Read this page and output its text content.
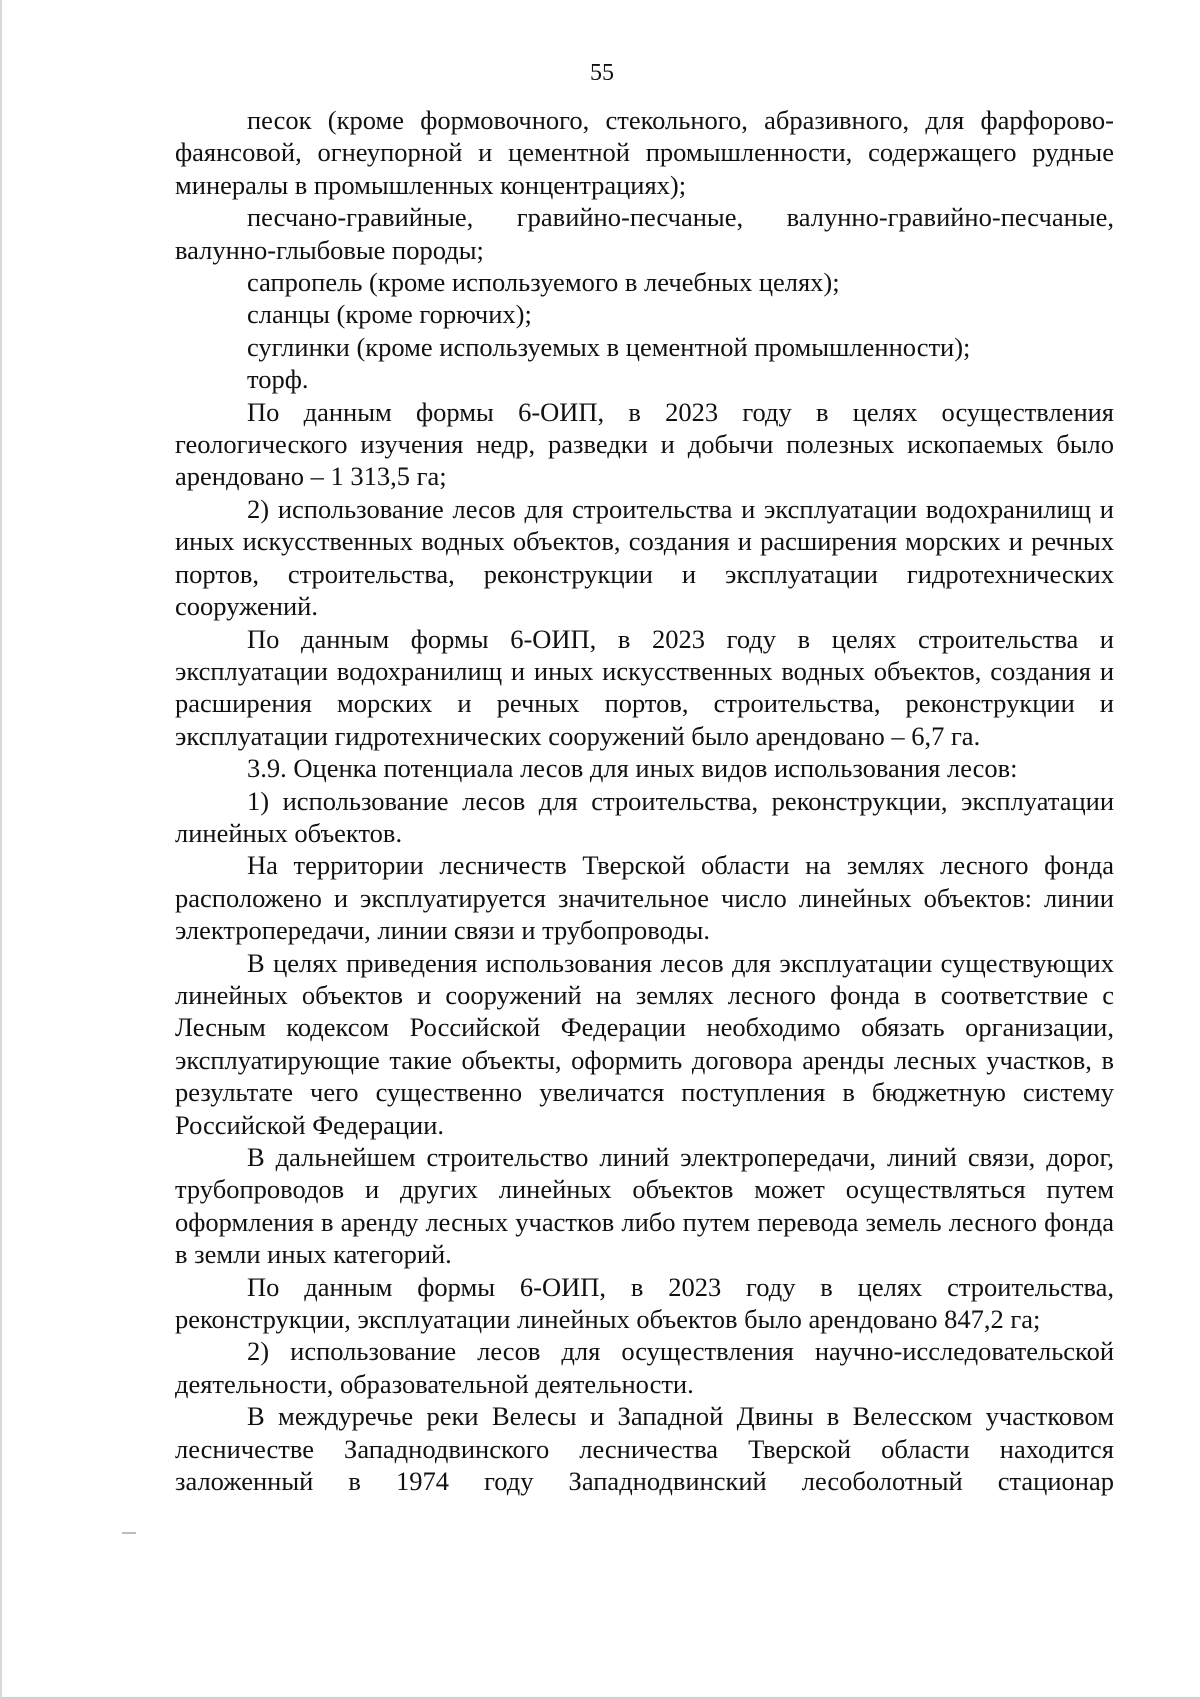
55

песок (кроме формовочного, стекольного, абразивного, для фарфорово-фаянсовой, огнеупорной и цементной промышленности, содержащего рудные минералы в промышленных концентрациях);

песчано-гравийные, гравийно-песчаные, валунно-гравийно-песчаные, валунно-глыбовые породы;

сапропель (кроме используемого в лечебных целях);

сланцы (кроме горючих);

суглинки (кроме используемых в цементной промышленности);

торф.

По данным формы 6-ОИП, в 2023 году в целях осуществления геологического изучения недр, разведки и добычи полезных ископаемых было арендовано – 1 313,5 га;

2) использование лесов для строительства и эксплуатации водохранилищ и иных искусственных водных объектов, создания и расширения морских и речных портов, строительства, реконструкции и эксплуатации гидротехнических сооружений.

По данным формы 6-ОИП, в 2023 году в целях строительства и эксплуатации водохранилищ и иных искусственных водных объектов, создания и расширения морских и речных портов, строительства, реконструкции и эксплуатации гидротехнических сооружений было арендовано – 6,7 га.

3.9. Оценка потенциала лесов для иных видов использования лесов:

1) использование лесов для строительства, реконструкции, эксплуатации линейных объектов.

На территории лесничеств Тверской области на землях лесного фонда расположено и эксплуатируется значительное число линейных объектов: линии электропередачи, линии связи и трубопроводы.

В целях приведения использования лесов для эксплуатации существующих линейных объектов и сооружений на землях лесного фонда в соответствие с Лесным кодексом Российской Федерации необходимо обязать организации, эксплуатирующие такие объекты, оформить договора аренды лесных участков, в результате чего существенно увеличатся поступления в бюджетную систему Российской Федерации.

В дальнейшем строительство линий электропередачи, линий связи, дорог, трубопроводов и других линейных объектов может осуществляться путем оформления в аренду лесных участков либо путем перевода земель лесного фонда в земли иных категорий.

По данным формы 6-ОИП, в 2023 году в целях строительства, реконструкции, эксплуатации линейных объектов было арендовано 847,2 га;

2) использование лесов для осуществления научно-исследовательской деятельности, образовательной деятельности.

В междуречье реки Велесы и Западной Двины в Велесском участковом лесничестве Западнодвинского лесничества Тверской области находится заложенный в 1974 году Западнодвинский лесоболотный стационар
